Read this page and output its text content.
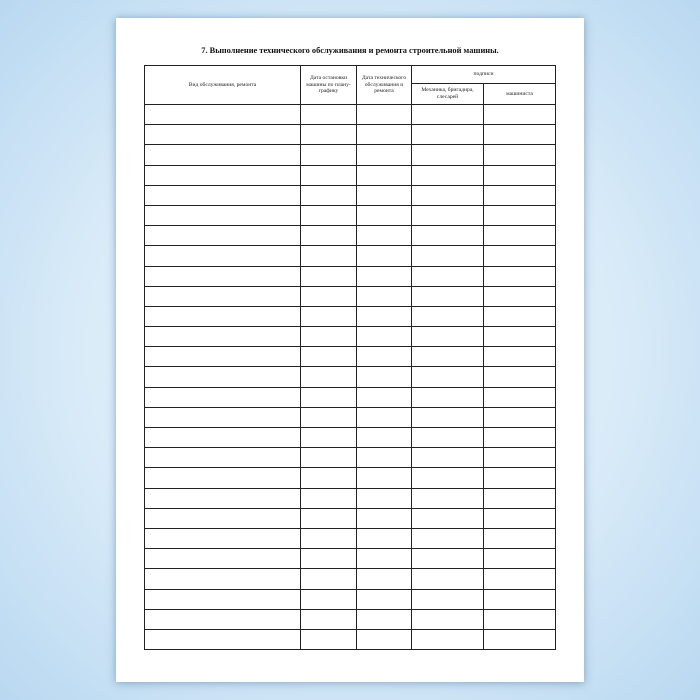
7. Выполнение технического обслуживания и ремонта строительной машины.
Вид обслуживания, ремонта	Дата остановки машины по плану-графику	Дата технического обслуживания и ремонта	подписи	
			Механика, бригадира, слесарей	машиниста
